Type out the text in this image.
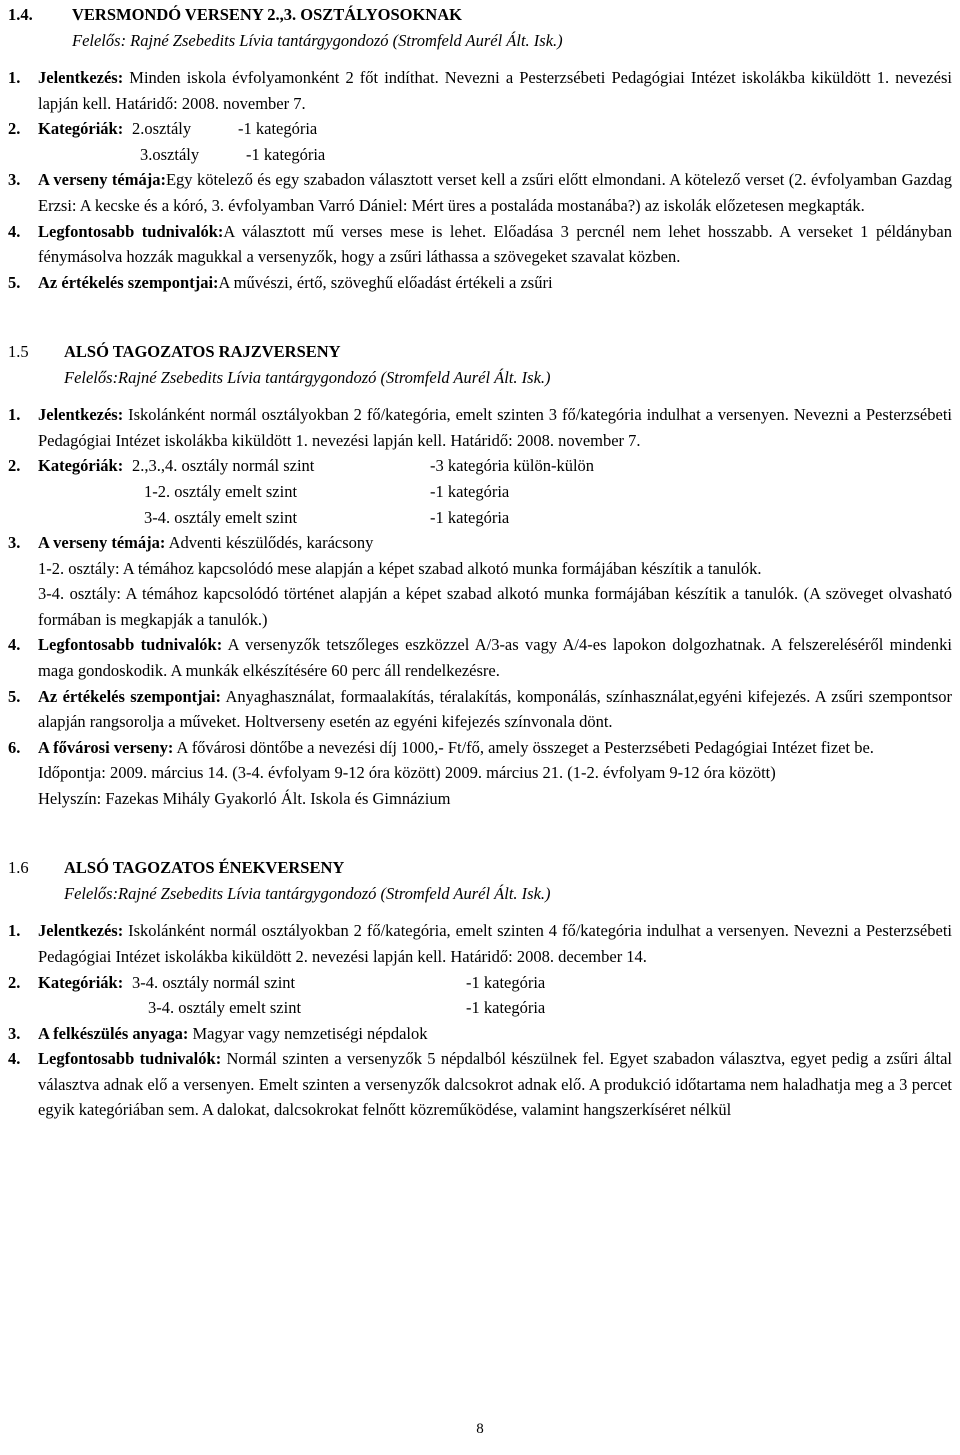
1.4. VERSMONDÓ VERSENY 2.,3. OSZTÁLYOSOKNAK

Felelős: Rajné Zsebedits Lívia tantárgygondozó (Stromfeld Aurél Ált. Isk.)

1.	Jelentkezés: Minden iskola évfolyamonként 2 főt indíthat. Nevezni a Pesterzsébeti Pedagógiai Intézet iskolákba kiküldött 1. nevezési lapján kell. Határidő: 2008. november 7.
2.	Kategóriák: 2.osztály	-1 kategória
3.osztály	-1 kategória
3.	A verseny témája:Egy kötelező és egy szabadon választott verset kell a zsűri előtt elmondani. A kötelező verset (2. évfolyamban Gazdag Erzsi: A kecske és a kóró, 3. évfolyamban Varró Dániel: Mért üres a postaláda mostanába?) az iskolák előzetesen megkapták.
4.	Legfontosabb tudnivalók:A választott mű verses mese is lehet. Előadása 3 percnél nem lehet hosszabb. A verseket 1 példányban fénymásolva hozzák magukkal a versenyzők, hogy a zsűri láthassa a szövegeket szavalat közben.
5.	Az értékelés szempontjai:A művészi, értő, szöveghű előadást értékeli a zsűri

1.5 ALSÓ TAGOZATOS RAJZVERSENY

Felelős:Rajné Zsebedits Lívia tantárgygondozó (Stromfeld Aurél Ált. Isk.)

1.	Jelentkezés: Iskolánként normál osztályokban 2 fő/kategória, emelt szinten 3 fő/kategória indulhat a versenyen. Nevezni a Pesterzsébeti Pedagógiai Intézet iskolákba kiküldött 1. nevezési lapján kell. Határidő: 2008. november 7.
2.	Kategóriák: 2.,3.,4. osztály normál szint	-3 kategória külön-külön
1-2. osztály emelt szint	-1 kategória
3-4. osztály emelt szint	-1 kategória
3.	A verseny témája: Adventi készülődés, karácsony
1-2. osztály: A témához kapcsolódó mese alapján a képet szabad alkotó munka formájában készítik a tanulók.
3-4. osztály: A témához kapcsolódó történet alapján a képet szabad alkotó munka formájában készítik a tanulók. (A szöveget olvasható formában is megkapják a tanulók.)
4.	Legfontosabb tudnivalók: A versenyzők tetszőleges eszközzel A/3-as vagy A/4-es lapokon dolgozhatnak. A felszereléséről mindenki maga gondoskodik. A munkák elkészítésére 60 perc áll rendelkezésre.
5.	Az értékelés szempontjai: Anyaghasználat, formaalakítás, téralakítás, komponálás, színhasználat,egyéni kifejezés. A zsűri szempontsor alapján rangsorolja a műveket. Holtverseny esetén az egyéni kifejezés színvonala dönt.
6.	A fővárosi verseny: A fővárosi döntőbe a nevezési díj 1000,- Ft/fő, amely összeget a Pesterzsébeti Pedagógiai Intézet fizet be.
Időpontja: 2009. március 14. (3-4. évfolyam 9-12 óra között) 2009. március 21. (1-2. évfolyam 9-12 óra között)
Helyszín: Fazekas Mihály Gyakorló Ált. Iskola és Gimnázium

1.6 ALSÓ TAGOZATOS ÉNEKVERSENY

Felelős:Rajné Zsebedits Lívia tantárgygondozó (Stromfeld Aurél Ált. Isk.)

1.	Jelentkezés: Iskolánként normál osztályokban 2 fő/kategória, emelt szinten 4 fő/kategória indulhat a versenyen. Nevezni a Pesterzsébeti Pedagógiai Intézet iskolákba kiküldött 2. nevezési lapján kell. Határidő: 2008. december 14.
2.	Kategóriák: 3-4. osztály normál szint	-1 kategória
3-4. osztály emelt szint	-1 kategória
3.	A felkészülés anyaga: Magyar vagy nemzetiségi népdalok
4.	Legfontosabb tudnivalók: Normál szinten a versenyzők 5 népdalból készülnek fel. Egyet szabadon választva, egyet pedig a zsűri által választva adnak elő a versenyen. Emelt szinten a versenyzők dalcsokrot adnak elő. A produkció időtartama nem haladhatja meg a 3 percet egyik kategóriában sem. A dalokat, dalcsokrokat felnőtt közreműködése, valamint hangszerkíséret nélkül
8
